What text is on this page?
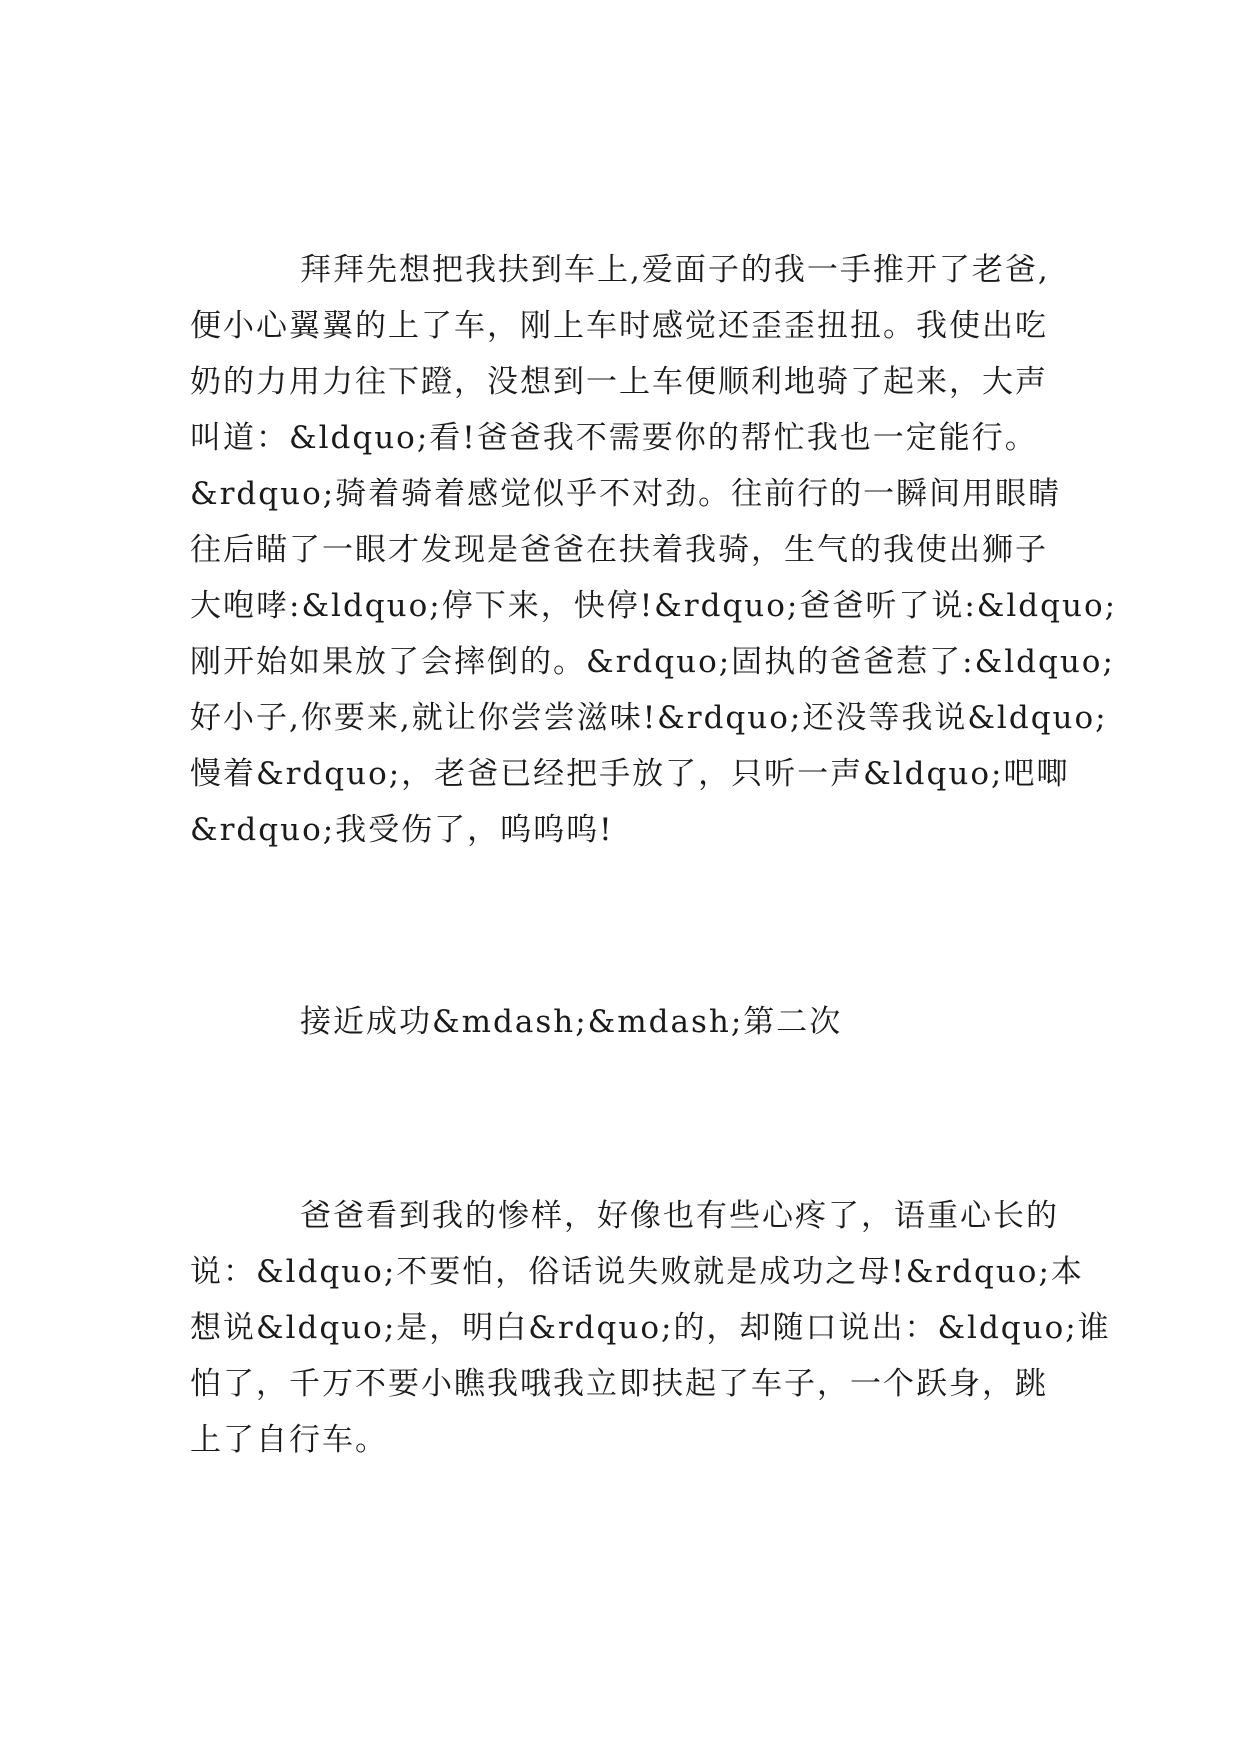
拜拜先想把我扶到车上,爱面子的我一手推开了老爸,
便小心翼翼的上了车，刚上车时感觉还歪歪扭扭。我使出吃
奶的力用力往下蹬，没想到一上车便顺利地骑了起来，大声
叫道：&ldquo;看!爸爸我不需要你的帮忙我也一定能行。
&rdquo;骑着骑着感觉似乎不对劲。往前行的一瞬间用眼睛
往后瞄了一眼才发现是爸爸在扶着我骑，生气的我使出狮子
大咆哮:&ldquo;停下来，快停!&rdquo;爸爸听了说:&ldquo;
刚开始如果放了会摔倒的。&rdquo;固执的爸爸惹了:&ldquo;
好小子,你要来,就让你尝尝滋味!&rdquo;还没等我说&ldquo;
慢着&rdquo;，老爸已经把手放了，只听一声&ldquo;吧唧
&rdquo;我受伤了，呜呜呜!
接近成功&mdash;&mdash;第二次
爸爸看到我的惨样，好像也有些心疼了，语重心长的
说：&ldquo;不要怕，俗话说失败就是成功之母!&rdquo;本
想说&ldquo;是，明白&rdquo;的，却随口说出：&ldquo;谁
怕了，千万不要小瞧我哦我立即扶起了车子，一个跃身，跳
上了自行车。
